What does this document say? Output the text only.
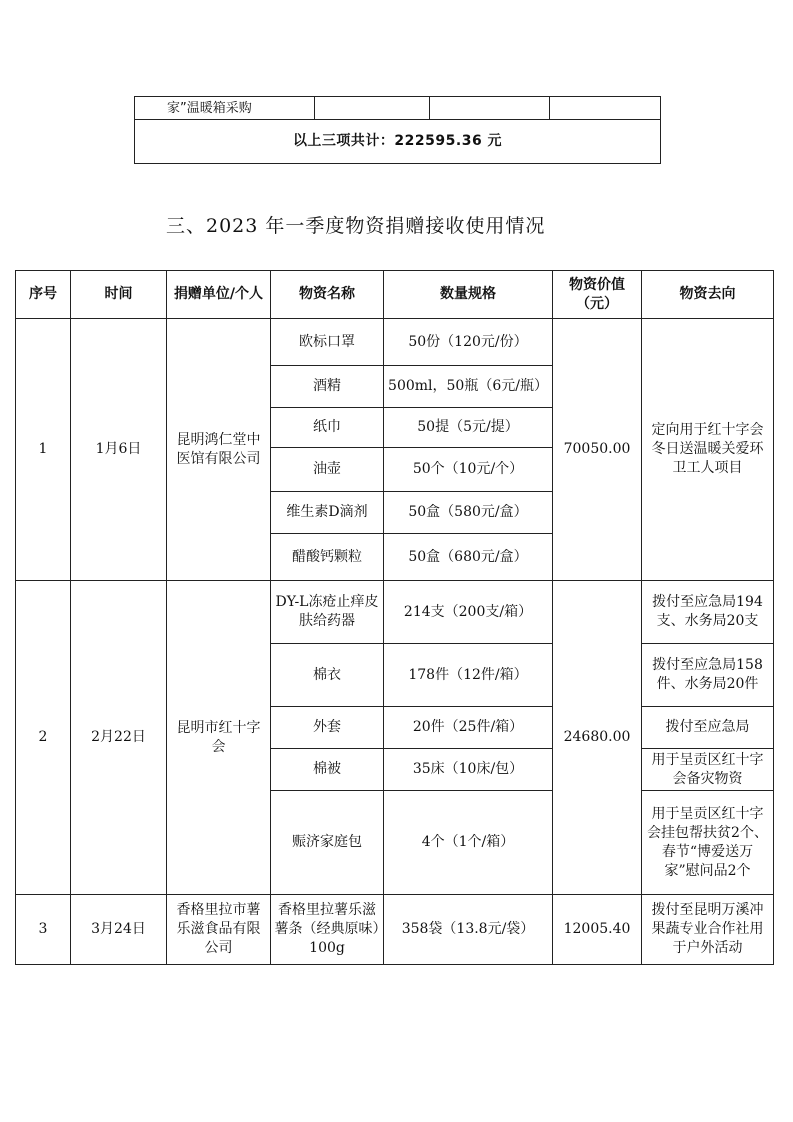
家”温暖箱采购			
以上三项共计：222595.36 元
三、2023 年一季度物资捐赠接收使用情况
序号	时间	捐赠单位/个人	物资名称	数量规格	物资价值（元）	物资去向
1	1月6日	昆明鸿仁堂中医馆有限公司	欧标口罩	50份（120元/份）	70050.00	定向用于红十字会冬日送温暖关爱环卫工人项目
			酒精	500ml，50瓶（6元/瓶）		
			纸巾	50提（5元/提）		
			油壶	50个（10元/个）		
			维生素D滴剂	50盒（580元/盒）		
			醋酸钙颗粒	50盒（680元/盒）		
2	2月22日	昆明市红十字会	DY-L冻疮止痒皮肤给药器	214支（200支/箱）	24680.00	拨付至应急局194支、水务局20支
			棉衣	178件（12件/箱）		拨付至应急局158件、水务局20件
			外套	20件（25件/箱）		拨付至应急局
			棉被	35床（10床/包）		用于呈贡区红十字会备灾物资
			赈济家庭包	4个（1个/箱）		用于呈贡区红十字会挂包帮扶贫2个、春节“博爱送万家”慰问品2个
3	3月24日	香格里拉市薯乐滋食品有限公司	香格里拉薯乐滋薯条（经典原味）100g	358袋（13.8元/袋）	12005.40	拨付至昆明万溪冲果蔬专业合作社用于户外活动
